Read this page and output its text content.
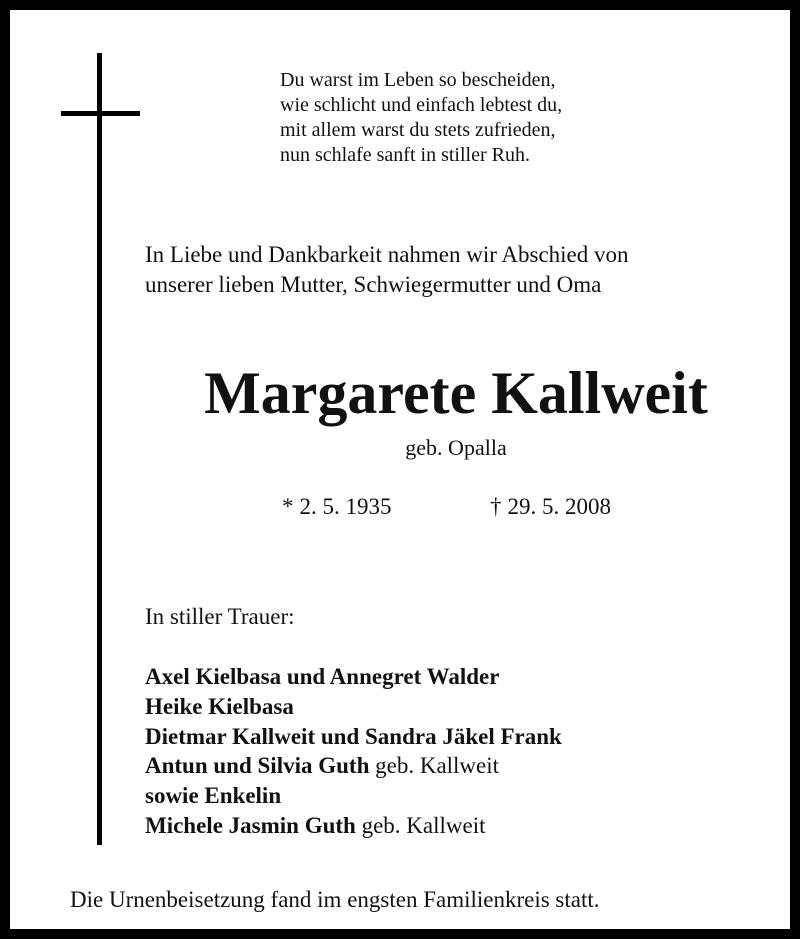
Du warst im Leben so bescheiden,
wie schlicht und einfach lebtest du,
mit allem warst du stets zufrieden,
nun schlafe sanft in stiller Ruh.
In Liebe und Dankbarkeit nahmen wir Abschied von
unserer lieben Mutter, Schwiegermutter und Oma
Margarete Kallweit
geb. Opalla
* 2. 5. 1935	† 29. 5. 2008
In stiller Trauer:
Axel Kielbasa und Annegret Walder
Heike Kielbasa
Dietmar Kallweit und Sandra Jäkel Frank
Antun und Silvia Guth geb. Kallweit
sowie Enkelin
Michele Jasmin Guth geb. Kallweit
Die Urnenbeisetzung fand im engsten Familienkreis statt.
